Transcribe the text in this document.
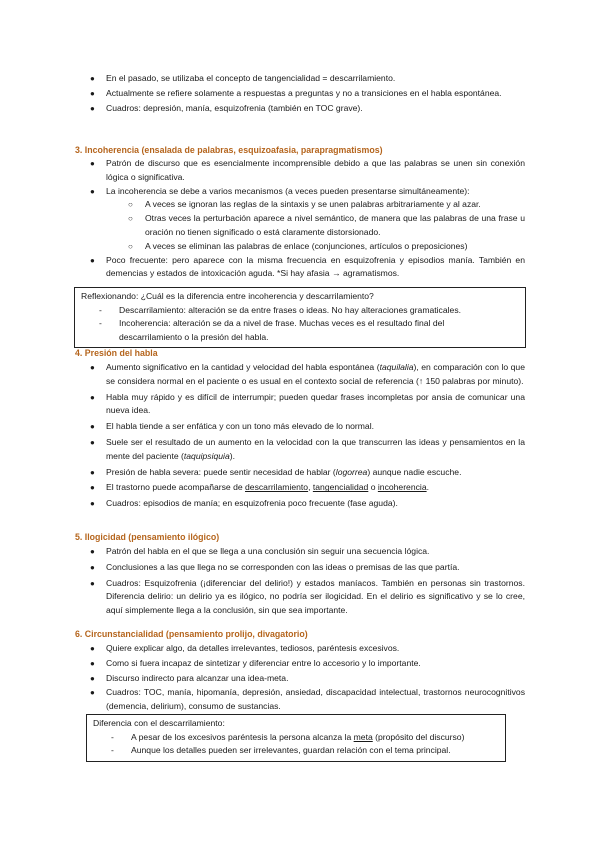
● En el pasado, se utilizaba el concepto de tangencialidad = descarrilamiento.
● Actualmente se refiere solamente a respuestas a preguntas y no a transiciones en el habla espontánea.
● Cuadros: depresión, manía, esquizofrenia (también en TOC grave).
3. Incoherencia (ensalada de palabras, esquizoafasia, parapragmatismos)
● Patrón de discurso que es esencialmente incomprensible debido a que las palabras se unen sin conexión lógica o significativa.
● La incoherencia se debe a varios mecanismos (a veces pueden presentarse simultáneamente):
○ A veces se ignoran las reglas de la sintaxis y se unen palabras arbitrariamente y al azar.
○ Otras veces la perturbación aparece a nivel semántico, de manera que las palabras de una frase u oración no tienen significado o está claramente distorsionado.
○ A veces se eliminan las palabras de enlace (conjunciones, artículos o preposiciones)
● Poco frecuente: pero aparece con la misma frecuencia en esquizofrenia y episodios manía. También en demencias y estados de intoxicación aguda. *Si hay afasia → agramatismos.
Reflexionando: ¿Cuál es la diferencia entre incoherencia y descarrilamiento?
- Descarrilamiento: alteración se da entre frases o ideas. No hay alteraciones gramaticales.
- Incoherencia: alteración se da a nivel de frase. Muchas veces es el resultado final del descarrilamiento o la presión del habla.
4. Presión del habla
● Aumento significativo en la cantidad y velocidad del habla espontánea (taquilalia), en comparación con lo que se considera normal en el paciente o es usual en el contexto social de referencia (↑ 150 palabras por minuto).
● Habla muy rápido y es difícil de interrumpir; pueden quedar frases incompletas por ansia de comunicar una nueva idea.
● El habla tiende a ser enfática y con un tono más elevado de lo normal.
● Suele ser el resultado de un aumento en la velocidad con la que transcurren las ideas y pensamientos en la mente del paciente (taquipsiquia).
● Presión de habla severa: puede sentir necesidad de hablar (logorrea) aunque nadie escuche.
● El trastorno puede acompañarse de descarrilamiento, tangencialidad o incoherencia.
● Cuadros: episodios de manía; en esquizofrenia poco frecuente (fase aguda).
5. Ilogicidad (pensamiento ilógico)
● Patrón del habla en el que se llega a una conclusión sin seguir una secuencia lógica.
● Conclusiones a las que llega no se corresponden con las ideas o premisas de las que partía.
● Cuadros: Esquizofrenia (¡diferenciar del delirio!) y estados maníacos. También en personas sin trastornos. Diferencia delirio: un delirio ya es ilógico, no podría ser ilogicidad. En el delirio es significativo y se lo cree, aquí simplemente llega a la conclusión, sin que sea importante.
6. Circunstancialidad (pensamiento prolijo, divagatorio)
● Quiere explicar algo, da detalles irrelevantes, tediosos, paréntesis excesivos.
● Como si fuera incapaz de sintetizar y diferenciar entre lo accesorio y lo importante.
● Discurso indirecto para alcanzar una idea-meta.
● Cuadros: TOC, manía, hipomanía, depresión, ansiedad, discapacidad intelectual, trastornos neurocognitivos (demencia, delirium), consumo de sustancias.
Diferencia con el descarrilamiento:
- A pesar de los excesivos paréntesis la persona alcanza la meta (propósito del discurso)
- Aunque los detalles pueden ser irrelevantes, guardan relación con el tema principal.
